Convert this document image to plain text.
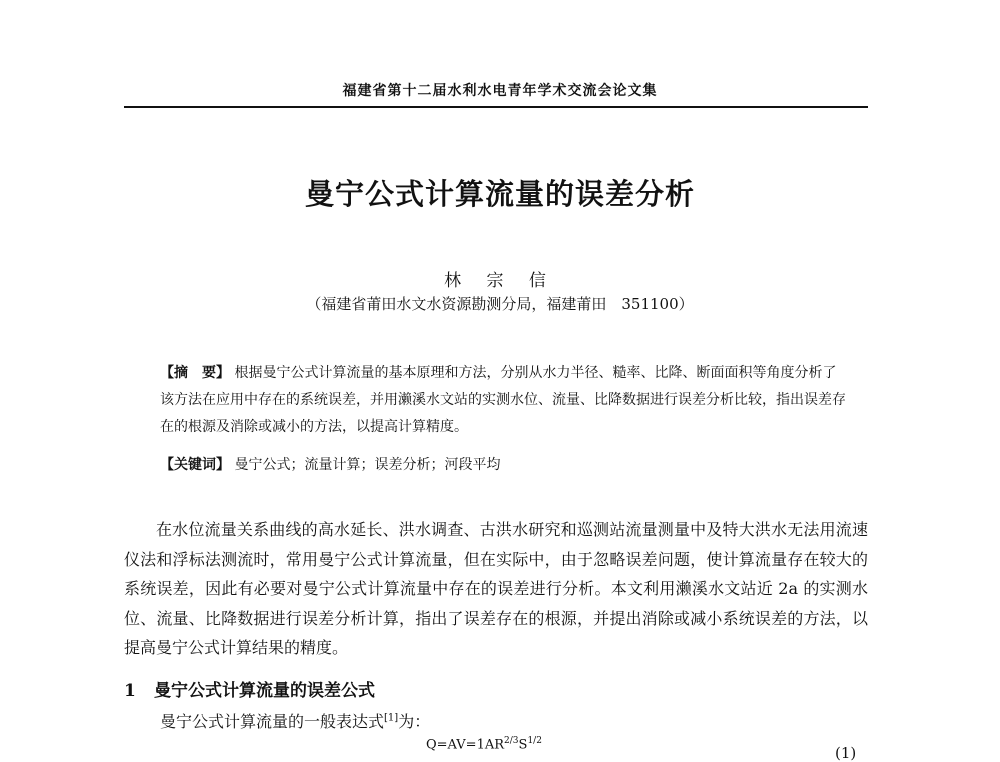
福建省第十二届水利水电青年学术交流会论文集
曼宁公式计算流量的误差分析
林 宗 信
（福建省莆田水文水资源勘测分局，福建莆田　351100）
【摘　要】 根据曼宁公式计算流量的基本原理和方法，分别从水力半径、糙率、比降、断面面积等角度分析了该方法在应用中存在的系统误差，并用濑溪水文站的实测水位、流量、比降数据进行误差分析比较，指出误差存在的根源及消除或减小的方法，以提高计算精度。
【关键词】 曼宁公式；流量计算；误差分析；河段平均
在水位流量关系曲线的高水延长、洪水调查、古洪水研究和巡测站流量测量中及特大洪水无法用流速仪法和浮标法测流时，常用曼宁公式计算流量，但在实际中，由于忽略误差问题，使计算流量存在较大的系统误差，因此有必要对曼宁公式计算流量中存在的误差进行分析。本文利用濑溪水文站近 2a 的实测水位、流量、比降数据进行误差分析计算，指出了误差存在的根源，并提出消除或减小系统误差的方法，以提高曼宁公式计算结果的精度。
1 曼宁公式计算流量的误差公式
曼宁公式计算流量的一般表达式[1]为：
$Q=AV=1AR^{2/3}S^{1/2}$
(1)
